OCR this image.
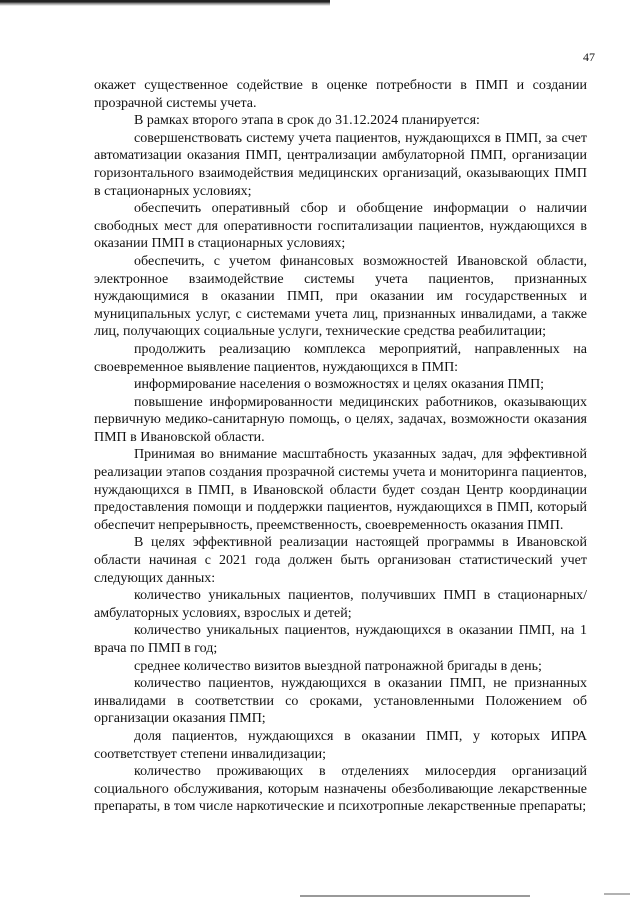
47

окажет существенное содействие в оценке потребности в ПМП и создании прозрачной системы учета.

В рамках второго этапа в срок до 31.12.2024 планируется:

совершенствовать систему учета пациентов, нуждающихся в ПМП, за счет автоматизации оказания ПМП, централизации амбулаторной ПМП, организации горизонтального взаимодействия медицинских организаций, оказывающих ПМП в стационарных условиях;

обеспечить оперативный сбор и обобщение информации о наличии свободных мест для оперативности госпитализации пациентов, нуждающихся в оказании ПМП в стационарных условиях;

обеспечить, с учетом финансовых возможностей Ивановской области, электронное взаимодействие системы учета пациентов, признанных нуждающимися в оказании ПМП, при оказании им государственных и муниципальных услуг, с системами учета лиц, признанных инвалидами, а также лиц, получающих социальные услуги, технические средства реабилитации;

продолжить реализацию комплекса мероприятий, направленных на своевременное выявление пациентов, нуждающихся в ПМП:

информирование населения о возможностях и целях оказания ПМП;

повышение информированности медицинских работников, оказывающих первичную медико-санитарную помощь, о целях, задачах, возможности оказания ПМП в Ивановской области.

Принимая во внимание масштабность указанных задач, для эффективной реализации этапов создания прозрачной системы учета и мониторинга пациентов, нуждающихся в ПМП, в Ивановской области будет создан Центр координации предоставления помощи и поддержки пациентов, нуждающихся в ПМП, который обеспечит непрерывность, преемственность, своевременность оказания ПМП.

В целях эффективной реализации настоящей программы в Ивановской области начиная с 2021 года должен быть организован статистический учет следующих данных:

количество уникальных пациентов, получивших ПМП в стационарных/амбулаторных условиях, взрослых и детей;

количество уникальных пациентов, нуждающихся в оказании ПМП, на 1 врача по ПМП в год;

среднее количество визитов выездной патронажной бригады в день;

количество пациентов, нуждающихся в оказании ПМП, не признанных инвалидами в соответствии со сроками, установленными Положением об организации оказания ПМП;

доля пациентов, нуждающихся в оказании ПМП, у которых ИПРА соответствует степени инвалидизации;

количество проживающих в отделениях милосердия организаций социального обслуживания, которым назначены обезболивающие лекарственные препараты, в том числе наркотические и психотропные лекарственные препараты;
